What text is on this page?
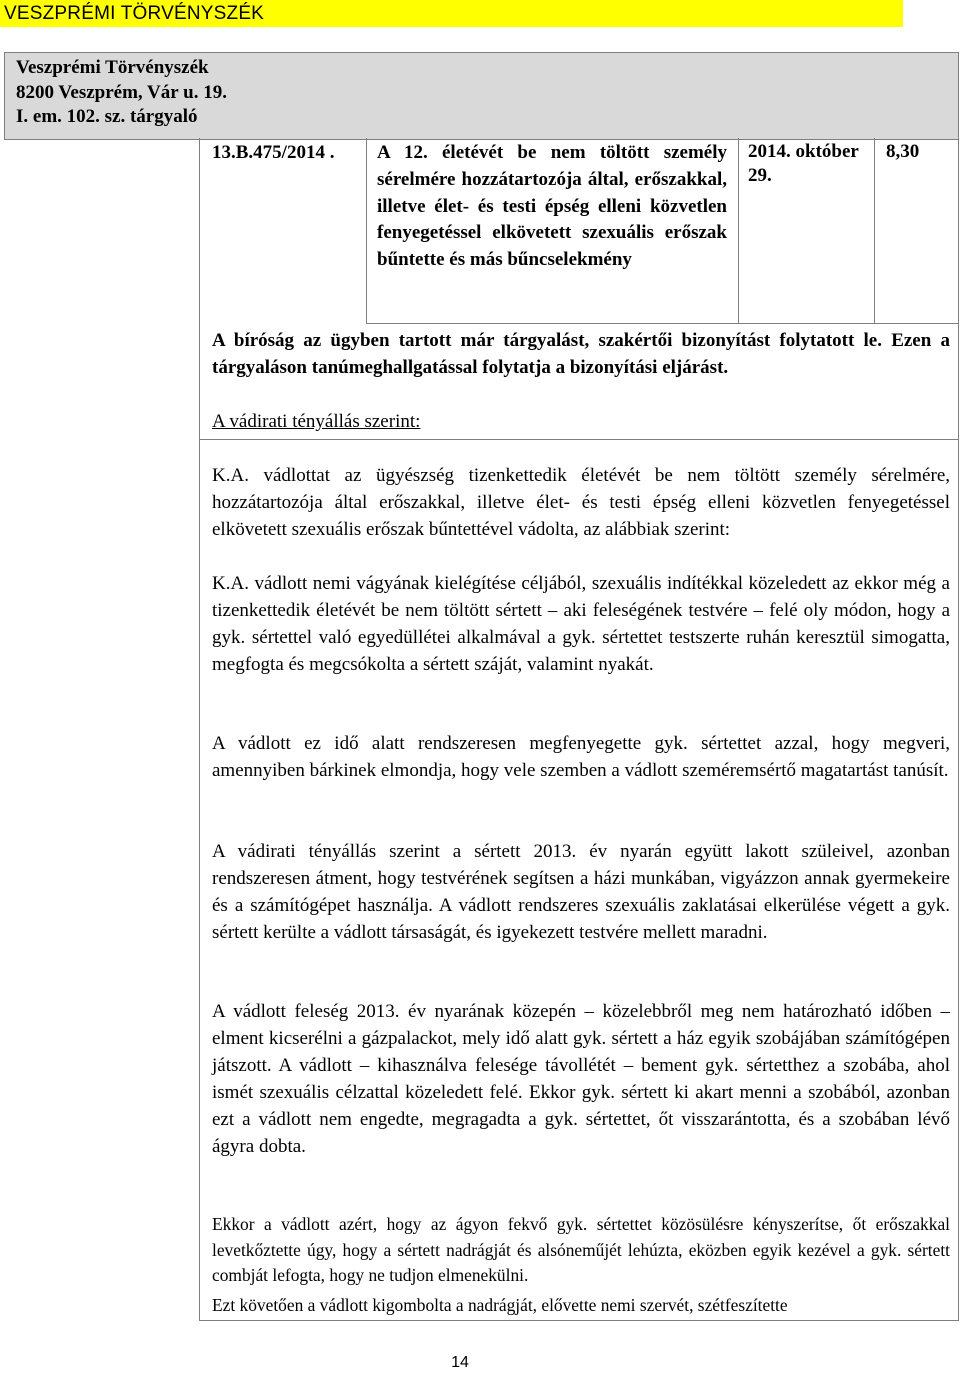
VESZPRÉMI TÖRVÉNYSZÉK
Veszprémi Törvényszék
8200 Veszprém, Vár u. 19.
I. em. 102. sz. tárgyaló
13.B.475/2014 .	A 12. életévét be nem töltött személy sérelmére hozzátartozója által, erőszakkal, illetve élet- és testi épség elleni közvetlen fenyegetéssel elkövetett szexuális erőszak bűntette és más bűncselekmény
2014. október 29.
8,30
A bíróság az ügyben tartott már tárgyalást, szakértői bizonyítást folytatott le. Ezen a tárgyaláson tanúmeghallgatással folytatja a bizonyítási eljárást.
A vádirati tényállás szerint:

K.A. vádlottat az ügyészség tizenkettedik életévét be nem töltött személy sérelmére, hozzátartozója által erőszakkal, illetve élet- és testi épség elleni közvetlen fenyegetéssel elkövetett szexuális erőszak bűntettével vádolta, az alábbiak szerint:

K.A. vádlott nemi vágyának kielégítése céljából, szexuális indítékkal közeledett az ekkor még a tizenkettedik életévét be nem töltött sértett – aki feleségének testvére – felé oly módon, hogy a gyk. sértettel való egyedüllétei alkalmával a gyk. sértettet testszerte ruhán keresztül simogatta, megfogta és megcsókolta a sértett száját, valamint nyakát.

A vádlott ez idő alatt rendszeresen megfenyegette gyk. sértettet azzal, hogy megveri, amennyiben bárkinek elmondja, hogy vele szemben a vádlott szeméremsértő magatartást tanúsít.

A vádirati tényállás szerint a sértett 2013. év nyarán együtt lakott szüleivel, azonban rendszeresen átment, hogy testvérének segítsen a házi munkában, vigyázzon annak gyermekeire és a számítógépet használja. A vádlott rendszeres szexuális zaklatásai elkerülése végett a gyk. sértett kerülte a vádlott társaságát, és igyekezett testvére mellett maradni.

A vádlott feleség 2013. év nyarának közepén – közelebbről meg nem határozható időben – elment kicserélni a gázpalackot, mely idő alatt gyk. sértett a ház egyik szobájában számítógépen játszott. A vádlott – kihasználva felesége távollétét – bement gyk. sértetthez a szobába, ahol ismét szexuális célzattal közeledett felé. Ekkor gyk. sértett ki akart menni a szobából, azonban ezt a vádlott nem engedte, megragadta a gyk. sértettet, őt visszarántotta, és a szobában lévő ágyra dobta.

Ekkor a vádlott azért, hogy az ágyon fekvő gyk. sértettet közösülésre kényszerítse, őt erőszakkal levetkőztette úgy, hogy a sértett nadrágját és alsóneműjét lehúzta, eközben egyik kezével a gyk. sértett combját lefogta, hogy ne tudjon elmenekülni.

Ezt követően a vádlott kigombolta a nadrágját, elővette nemi szervét, szétfeszítette

14
